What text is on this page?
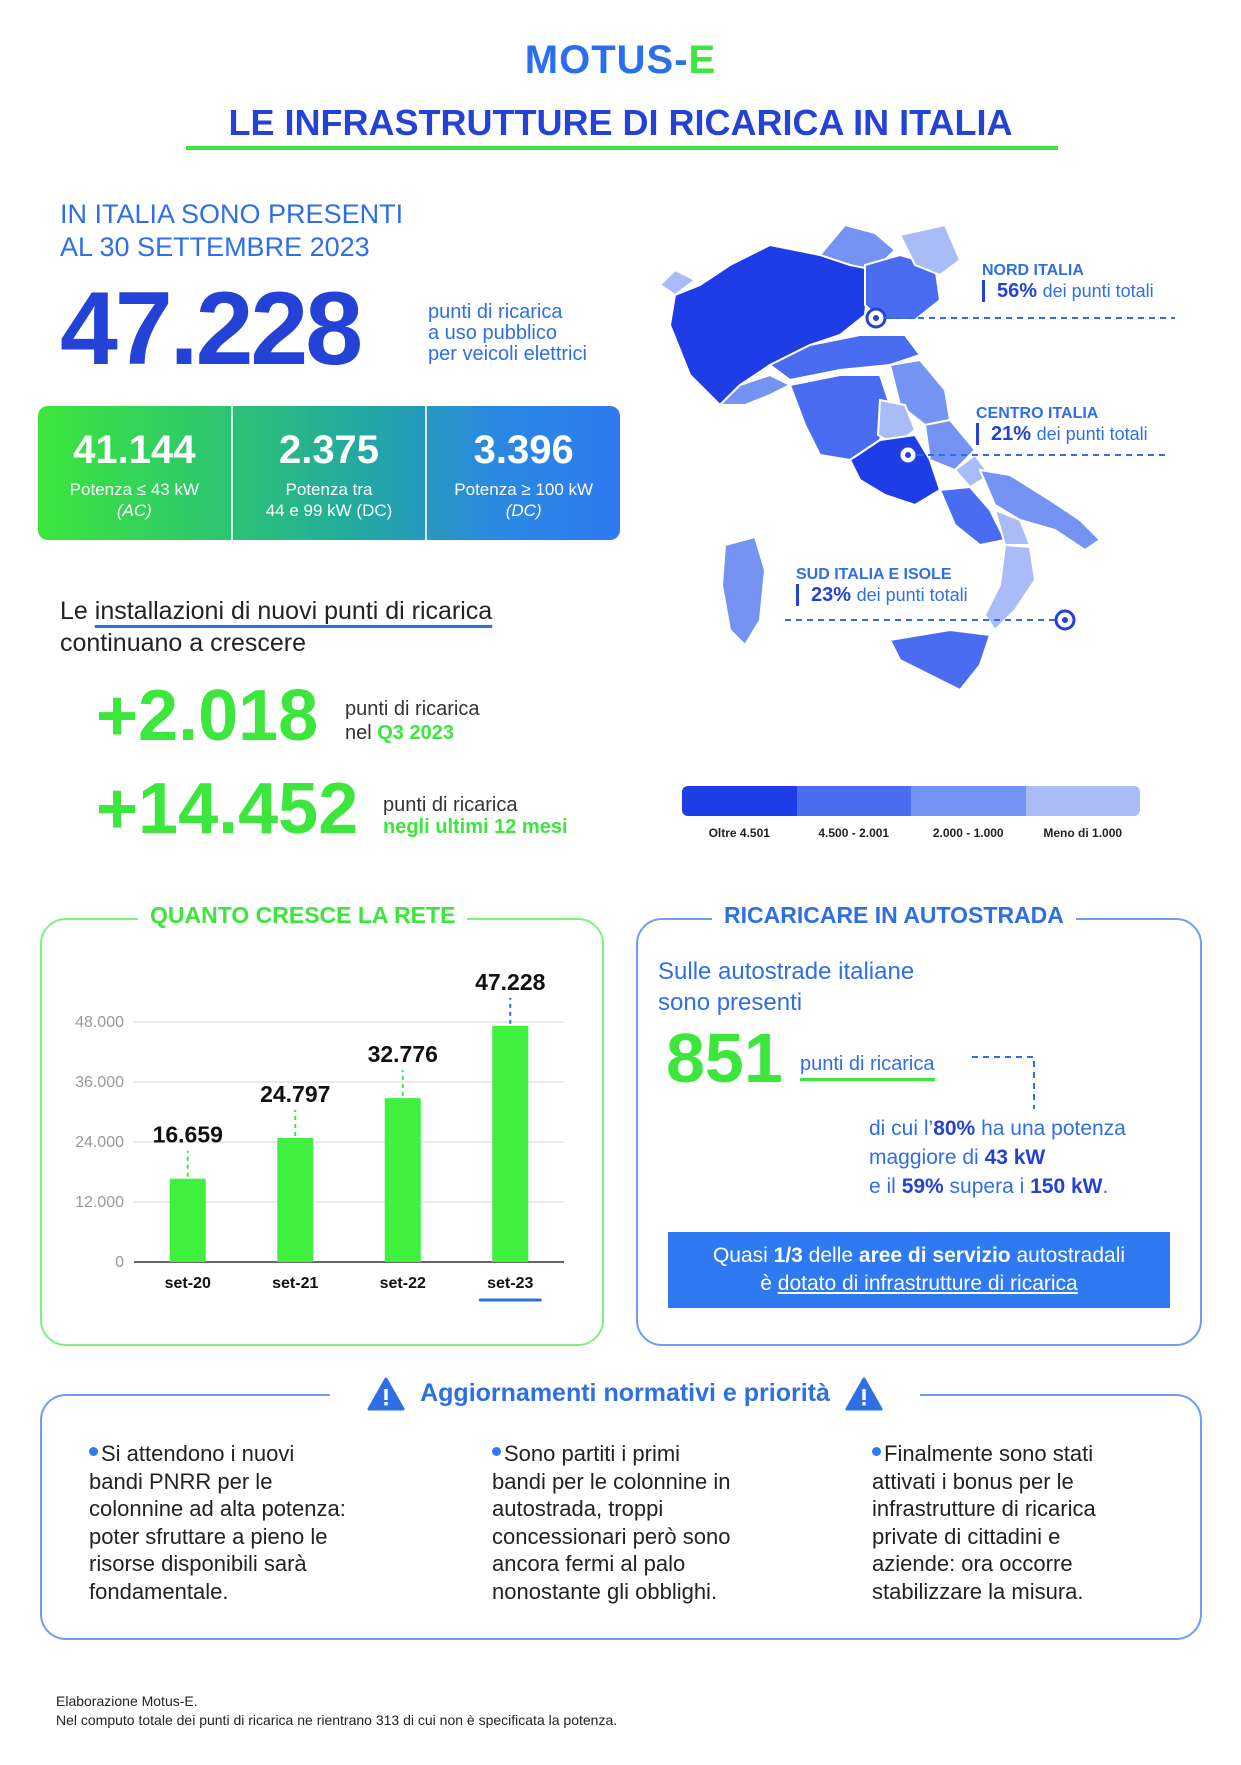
MOTUS-E
LE INFRASTRUTTURE DI RICARICA IN ITALIA
IN ITALIA SONO PRESENTI
AL 30 SETTEMBRE 2023
47.228	punti di ricarica
a uso pubblico
per veicoli elettrici
41.144
Potenza ≤ 43 kW
(AC)
2.375
Potenza tra
44 e 99 kW (DC)
3.396
Potenza ≥ 100 kW
(DC)
Le installazioni di nuovi punti di ricarica
continuano a crescere
+2.018 punti di ricarica
nel Q3 2023
+14.452 punti di ricarica
negli ultimi 12 mesi
NORD ITALIA
56% dei punti totali
CENTRO ITALIA
21% dei punti totali
SUD ITALIA E ISOLE
23% dei punti totali
Oltre 4.501	4.500 - 2.001	2.000 - 1.000	Meno di 1.000
QUANTO CRESCE LA RETE
0
12.000
24.000
36.000
48.000
16.659
set-20
24.797
set-21
32.776
set-22
47.228
set-23
RICARICARE IN AUTOSTRADA
Sulle autostrade italiane
sono presenti
851 punti di ricarica
di cui l’80% ha una potenza
maggiore di 43 kW
e il 59% supera i 150 kW.
Quasi 1/3 delle aree di servizio autostradali
è dotato di infrastrutture di ricarica
Aggiornamenti normativi e priorità
Si attendono i nuovi
bandi PNRR per le
colonnine ad alta potenza:
poter sfruttare a pieno le
risorse disponibili sarà
fondamentale.
Sono partiti i primi
bandi per le colonnine in
autostrada, troppi
concessionari però sono
ancora fermi al palo
nonostante gli obblighi.
Finalmente sono stati
attivati i bonus per le
infrastrutture di ricarica
private di cittadini e
aziende: ora occorre
stabilizzare la misura.
Elaborazione Motus-E.
Nel computo totale dei punti di ricarica ne rientrano 313 di cui non è specificata la potenza.
